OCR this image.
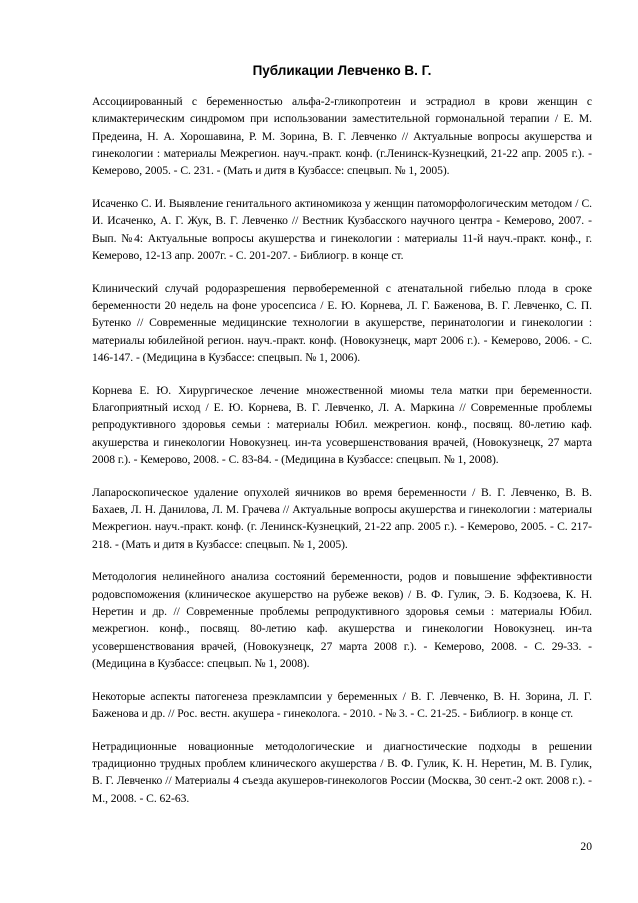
Публикации Левченко В. Г.

Ассоциированный с беременностью альфа-2-гликопротеин и эстрадиол в крови женщин с климактерическим синдромом при использовании заместительной гормональной терапии / Е. М. Предеина, Н. А. Хорошавина, Р. М. Зорина, В. Г. Левченко // Актуальные вопросы акушерства и гинекологии : материалы Межрегион. науч.-практ. конф. (г.Ленинск-Кузнецкий, 21-22 апр. 2005 г.). - Кемерово, 2005. - С. 231. - (Мать и дитя в Кузбассе: спецвып. № 1, 2005).

Исаченко С. И. Выявление генитального актиномикоза у женщин патоморфологическим методом / С. И. Исаченко, А. Г. Жук, В. Г. Левченко // Вестник Кузбасского научного центра - Кемерово, 2007. - Вып. №4: Актуальные вопросы акушерства и гинекологии : материалы 11-й науч.-практ. конф., г. Кемерово, 12-13 апр. 2007г. - С. 201-207. - Библиогр. в конце ст.

Клинический случай родоразрешения первобеременной с атенатальной гибелью плода в сроке беременности 20 недель на фоне уросепсиса / Е. Ю. Корнева, Л. Г. Баженова, В. Г. Левченко, С. П. Бутенко // Современные медицинские технологии в акушерстве, перинатологии и гинекологии : материалы юбилейной регион. науч.-практ. конф. (Новокузнецк, март 2006 г.). - Кемерово, 2006. - С. 146-147. - (Медицина в Кузбассе: спецвып. № 1, 2006).

Корнева Е. Ю. Хирургическое лечение множественной миомы тела матки при беременности. Благоприятный исход / Е. Ю. Корнева, В. Г. Левченко, Л. А. Маркина // Современные проблемы репродуктивного здоровья семьи : материалы Юбил. межрегион. конф., посвящ. 80-летию каф. акушерства и гинекологии Новокузнец. ин-та усовершенствования врачей, (Новокузнецк, 27 марта 2008 г.). - Кемерово, 2008. - С. 83-84. - (Медицина в Кузбассе: спецвып. № 1, 2008).

Лапароскопическое удаление опухолей яичников во время беременности / В. Г. Левченко, В. В. Бахаев, Л. Н. Данилова, Л. М. Грачева // Актуальные вопросы акушерства и гинекологии : материалы Межрегион. науч.-практ. конф. (г. Ленинск-Кузнецкий, 21-22 апр. 2005 г.). - Кемерово, 2005. - С. 217-218. - (Мать и дитя в Кузбассе: спецвып. № 1, 2005).

Методология нелинейного анализа состояний беременности, родов и повышение эффективности родовспоможения (клиническое акушерство на рубеже веков) / В. Ф. Гулик, Э. Б. Кодзоева, К. Н. Неретин и др. // Современные проблемы репродуктивного здоровья семьи : материалы Юбил. межрегион. конф., посвящ. 80-летию каф. акушерства и гинекологии Новокузнец. ин-та усовершенствования врачей, (Новокузнецк, 27 марта 2008 г.). - Кемерово, 2008. - С. 29-33. - (Медицина в Кузбассе: спецвып. № 1, 2008).

Некоторые аспекты патогенеза преэклампсии у беременных / В. Г. Левченко, В. Н. Зорина, Л. Г. Баженова и др. // Рос. вестн. акушера - гинеколога. - 2010. - № 3. - С. 21-25. - Библиогр. в конце ст.

Нетрадиционные новационные методологические и диагностические подходы в решении традиционно трудных проблем клинического акушерства / В. Ф. Гулик, К. Н. Неретин, М. В. Гулик, В. Г. Левченко // Материалы 4 съезда акушеров-гинекологов России (Москва, 30 сент.-2 окт. 2008 г.). - М., 2008. - С. 62-63.

20
